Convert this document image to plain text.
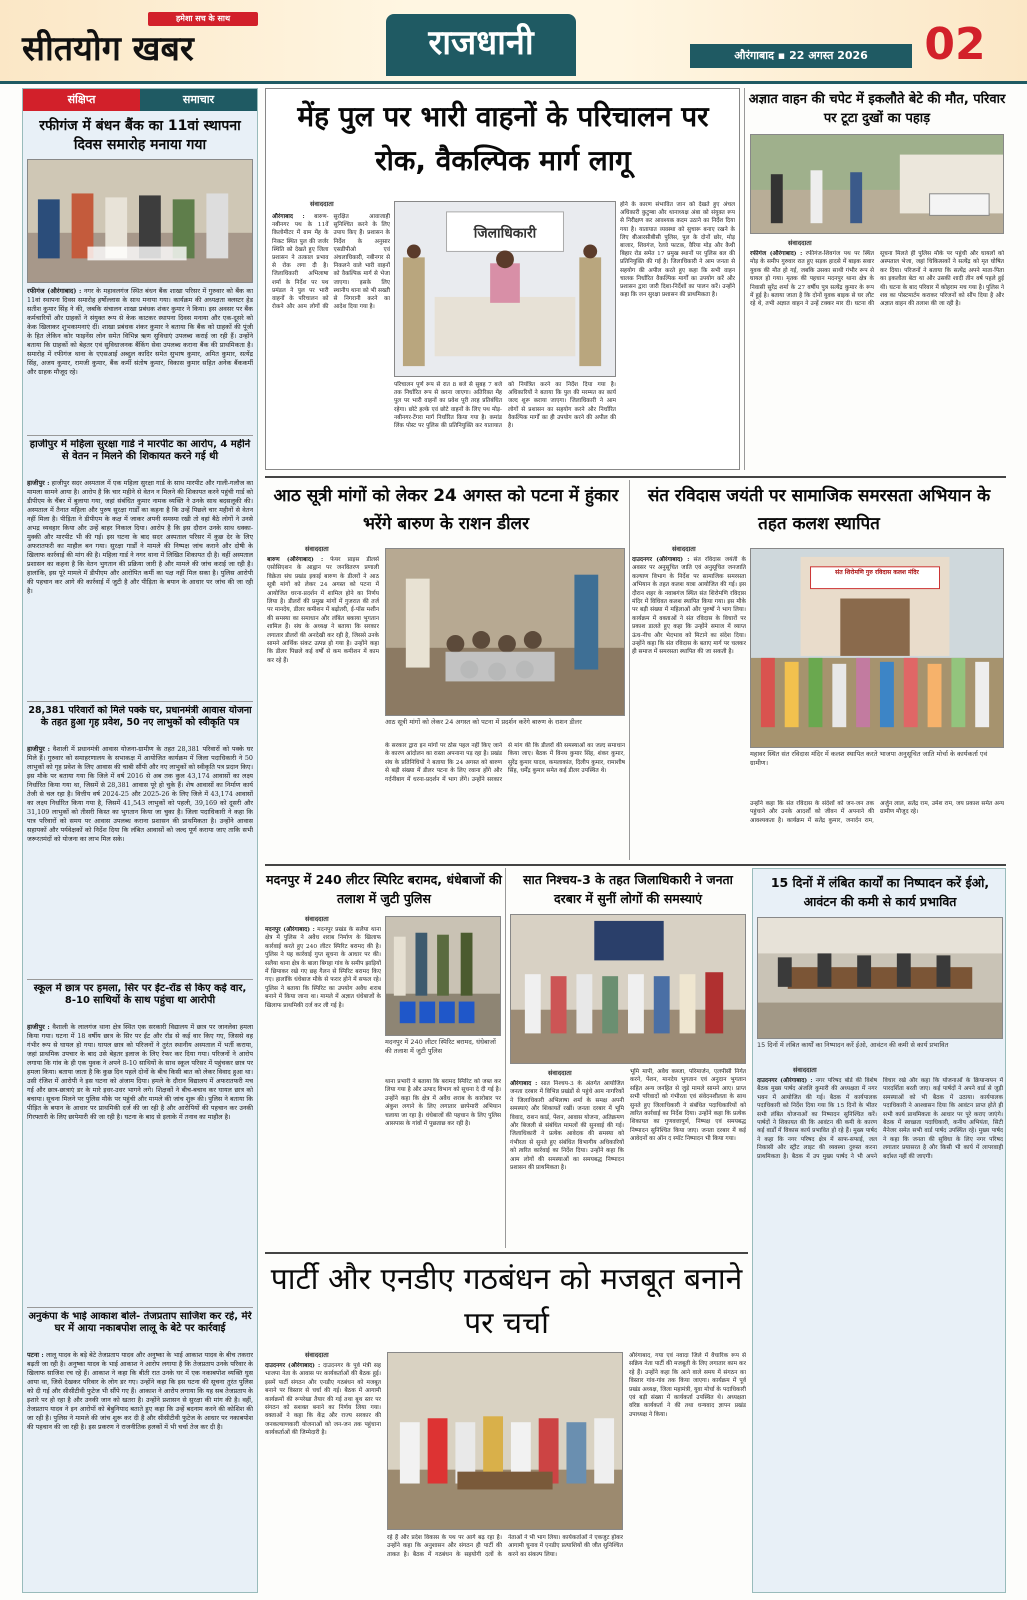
हमेशा सच के साथ
सीतयोग खबर	राजधानी	औरंगाबाद ▪ 22 अगस्त 2026	02
संक्षिप्त	समाचार
रफीगंज में बंधन बैंक का 11वां स्थापना दिवस समारोह मनाया गया
रफीगंज (औरंगाबाद) : नगर के महावलगंज स्थित बंधन बैंक शाखा परिसर में गुरुवार को बैंक का 11वां स्थापना दिवस समारोह हर्षोल्लास के साथ मनाया गया। कार्यक्रम की अध्यक्षता क्लस्टर हेड सतीश कुमार सिंह ने की, जबकि संचालन शाखा प्रबंधक शंकर कुमार ने किया। इस अवसर पर बैंक कर्मचारियों और ग्राहकों ने संयुक्त रूप से केक काटकर स्थापना दिवस मनाया और एक-दूसरे को केक खिलाकर शुभकामनाएं दीं। शाखा प्रबंधक शंकर कुमार ने बताया कि बैंक को ग्राहकों की पूंजी के हित लेकिन कोर फाइनेंस लोन समेत विभिन्न ऋण सुविधाएं उपलब्ध कराई जा रही हैं। उन्होंने बताया कि ग्राहकों को बेहतर एवं सुविधाजनक बैंकिंग सेवा उपलब्ध कराना बैंक की प्राथमिकता है। समारोह में रफीगंज थाना के एएसआई अब्दुल कादिर समेत सुभाष कुमार, अमित कुमार, सत्येंद्र सिंह, अजय कुमार, रामजी कुमार, बैंक कर्मी संतोष कुमार, विकास कुमार सहित अनेक बैंककर्मी और ग्राहक मौजूद रहे।
हाजीपुर में महिला सुरक्षा गार्ड ने मारपीट का आरोप, 4 महीने से वेतन न मिलने की शिकायत करने गई थी
हाजीपुर : हाजीपुर सदर अस्पताल में एक महिला सुरक्षा गार्ड के साथ मारपीट और गाली-गलौज का मामला सामने आया है। आरोप है कि चार महीने से वेतन न मिलने की शिकायत करने पहुंची गार्ड को डीपीएम के चैंबर में बुलाया गया, जहां संबंधित कुमार नामक व्यक्ति ने उनके साथ बदसलूकी की। अस्पताल में तैनात महिला और पुरुष सुरक्षा गार्डों का कहना है कि उन्हें पिछले चार महीनों से वेतन नहीं मिला है। पीड़िता ने डीपीएम के कक्ष में जाकर अपनी समस्या रखी तो वहां बैठे लोगों ने उनसे अभद्र व्यवहार किया और उन्हें बाहर निकाल दिया। आरोप है कि इस दौरान उनके साथ धक्का-मुक्की और मारपीट भी की गई। इस घटना के बाद सदर अस्पताल परिसर में कुछ देर के लिए अफरातफरी का माहौल बन गया। सुरक्षा गार्डों ने मामले की निष्पक्ष जांच कराने और दोषी के खिलाफ कार्रवाई की मांग की है। महिला गार्ड ने नगर थाना में लिखित शिकायत दी है। वहीं अस्पताल प्रशासन का कहना है कि वेतन भुगतान की प्रक्रिया जारी है और मामले की जांच कराई जा रही है। हालांकि, इस पूरे मामले में डीपीएम और आरोपित कर्मी का पक्ष नहीं मिल सका है। पुलिस आरोपी की पहचान कर आगे की कार्रवाई में जुटी है और पीड़िता के बयान के आधार पर जांच की जा रही है।
28,381 परिवारों को मिले पक्के घर, प्रधानमंत्री आवास योजना के तहत हुआ गृह प्रवेश, 50 नए लाभुकों को स्वीकृति पत्र
हाजीपुर : वैशाली में प्रधानमंत्री आवास योजना-ग्रामीण के तहत 28,381 परिवारों को पक्के घर मिले हैं। गुरुवार को समाहरणालय के सभाकक्ष में आयोजित कार्यक्रम में जिला पदाधिकारी ने 50 लाभुकों को गृह प्रवेश के लिए आवास की चाबी सौंपी और नए लाभुकों को स्वीकृति पत्र प्रदान किए। इस मौके पर बताया गया कि जिले में वर्ष 2016 से अब तक कुल 43,174 आवासों का लक्ष्य निर्धारित किया गया था, जिसमें से 28,381 आवास पूरे हो चुके हैं। शेष आवासों का निर्माण कार्य तेजी से चल रहा है। वित्तीय वर्ष 2024-25 और 2025-26 के लिए जिले में 43,174 आवासों का लक्ष्य निर्धारित किया गया है, जिसमें 41,543 लाभुकों को पहली, 39,169 को दूसरी और 31,109 लाभुकों को तीसरी किस्त का भुगतान किया जा चुका है। जिला पदाधिकारी ने कहा कि पात्र परिवारों को समय पर आवास उपलब्ध कराना प्रशासन की प्राथमिकता है। उन्होंने आवास सहायकों और पर्यवेक्षकों को निर्देश दिया कि लंबित आवासों को जल्द पूर्ण कराया जाए ताकि सभी जरूरतमंदों को योजना का लाभ मिल सके।
स्कूल में छात्र पर हमला, सिर पर ईंट-रॉड से किए कई वार, 8-10 साथियों के साथ पहुंचा था आरोपी
हाजीपुर : वैशाली के लालगंज थाना क्षेत्र स्थित एक सरकारी विद्यालय में छात्र पर जानलेवा हमला किया गया। घटना में 18 वर्षीय छात्र के सिर पर ईंट और रॉड से कई वार किए गए, जिससे वह गंभीर रूप से घायल हो गया। घायल छात्र को परिजनों ने तुरंत स्थानीय अस्पताल में भर्ती कराया, जहां प्राथमिक उपचार के बाद उसे बेहतर इलाज के लिए रेफर कर दिया गया। परिजनों ने आरोप लगाया कि गांव के ही एक युवक ने अपने 8-10 साथियों के साथ स्कूल परिसर में पहुंचकर छात्र पर हमला किया। बताया जाता है कि कुछ दिन पहले दोनों के बीच किसी बात को लेकर विवाद हुआ था। उसी रंजिश में आरोपी ने इस घटना को अंजाम दिया। हमले के दौरान विद्यालय में अफरातफरी मच गई और छात्र-छात्राएं डर के मारे इधर-उधर भागने लगे। शिक्षकों ने बीच-बचाव कर घायल छात्र को बचाया। सूचना मिलने पर पुलिस मौके पर पहुंची और मामले की जांच शुरू की। पुलिस ने बताया कि पीड़ित के बयान के आधार पर प्राथमिकी दर्ज की जा रही है और आरोपियों की पहचान कर उनकी गिरफ्तारी के लिए छापेमारी की जा रही है। घटना के बाद से इलाके में तनाव का माहौल है।
अनुकंपा के भाई आकाश बोले- तेजप्रताप साजिश कर रहे, मेरे घर में आया नकाबपोश लालू के बेटे पर कार्रवाई
पटना : लालू यादव के बड़े बेटे तेजप्रताप यादव और अनुष्का के भाई आकाश यादव के बीच तकरार बढ़ती जा रही है। अनुष्का यादव के भाई आकाश ने आरोप लगाया है कि तेजप्रताप उनके परिवार के खिलाफ साजिश रच रहे हैं। आकाश ने कहा कि बीती रात उनके घर में एक नकाबपोश व्यक्ति घुस आया था, जिसे देखकर परिवार के लोग डर गए। उन्होंने कहा कि इस घटना की सूचना तुरंत पुलिस को दी गई और सीसीटीवी फुटेज भी सौंपे गए हैं। आकाश ने आरोप लगाया कि यह सब तेजप्रताप के इशारे पर हो रहा है और उनकी जान को खतरा है। उन्होंने प्रशासन से सुरक्षा की मांग की है। वहीं, तेजप्रताप यादव ने इन आरोपों को बेबुनियाद बताते हुए कहा कि उन्हें बदनाम करने की कोशिश की जा रही है। पुलिस ने मामले की जांच शुरू कर दी है और सीसीटीवी फुटेज के आधार पर नकाबपोश की पहचान की जा रही है। इस प्रकरण ने राजनीतिक हलकों में भी चर्चा तेज कर दी है।
मेंह पुल पर भारी वाहनों के परिचालन पर रोक, वैकल्पिक मार्ग लागू
संवाददाता
औरंगाबाद : बारुण-नबीनगर पथ के 11वें किलोमीटर में ग्राम मेंह के निकट स्थित पुल की जर्जर स्थिति को देखते हुए जिला प्रशासन ने तत्काल प्रभाव से रोक लगा दी है। जिलाधिकारी अभिलाषा शर्मा के निर्देश पर पथ प्रमंडल ने पुल पर भारी वाहनों के परिचालन को रोकने और आम लोगों की सुरक्षित आवाजाही सुनिश्चित करने के लिए उपाय किए हैं। प्रशासन के निर्देश के अनुसार एसडीपीओ एवं अंचलाधिकारी, नबीनगर से निकलने वाले भारी वाहनों को वैकल्पिक मार्ग से भेजा जाएगा। इसके लिए स्थानीय थाना को भी सख्ती से निगरानी करने का आदेश दिया गया है।
जिलाधिकारी
परिचालन पूर्ण रूप से रात 8 बजे से सुबह 7 बजे तक निर्धारित रूप से करना जाएगा। अतिरिक्त मेंह पुल पर भारी वाहनों का प्रवेश पूरी तरह प्रतिबंधित रहेगा। छोटे हल्के एवं छोटे वाहनों के लिए पथ मोड़-नबीनगर-टेंगरा मार्ग निर्धारित किया गया है। कमांड लिंक पोस्ट पर पुलिस की प्रतिनियुक्ति कर यातायात को नियंत्रित करने का निर्देश दिया गया है। अधिकारियों ने बताया कि पुल की मरम्मत का कार्य जल्द शुरू कराया जाएगा। जिलाधिकारी ने आम लोगों से प्रशासन का सहयोग करने और निर्धारित वैकल्पिक मार्गों का ही उपयोग करने की अपील की है।
होने के कारण संभावित जान को देखते हुए अंचल अधिकारी कुटुम्बा और थानाध्यक्ष अंबा को संयुक्त रूप से निरीक्षण कर आवश्यक कदम उठाने का निर्देश दिया गया है। यातायात व्यवस्था को सुचारू बनाए रखने के लिए बीआरसीबीसी पुलिस, पुल के दोनों छोर, मोड़ बाजार, शिवगंज, रेलवे फाटक, वैरिया मोड़ और कैथी बिहार रोड समेत 17 प्रमुख स्थानों पर पुलिस बल की प्रतिनियुक्ति की गई है। जिलाधिकारी ने आम जनता से सहयोग की अपील करते हुए कहा कि सभी वाहन चालक निर्धारित वैकल्पिक मार्गों का उपयोग करें और प्रशासन द्वारा जारी दिशा-निर्देशों का पालन करें। उन्होंने कहा कि जन सुरक्षा प्रशासन की प्राथमिकता है।
अज्ञात वाहन की चपेट में इकलौते बेटे की मौत, परिवार पर टूटा दुखों का पहाड़
संवाददाता
रफीगंज (औरंगाबाद) : रफीगंज-शिवगंज पथ पर स्थित मोड़ के समीप गुरुवार रात हुए सड़क हादसे में बाइक सवार युवक की मौत हो गई, जबकि उसका साथी गंभीर रूप से घायल हो गया। मृतक की पहचान मदनपुर थाना क्षेत्र के निवासी सुरेंद्र शर्मा के 27 वर्षीय पुत्र सत्येंद्र कुमार के रूप में हुई है। बताया जाता है कि दोनों युवक बाइक से घर लौट रहे थे, तभी अज्ञात वाहन ने उन्हें टक्कर मार दी। घटना की सूचना मिलते ही पुलिस मौके पर पहुंची और घायलों को अस्पताल भेजा, जहां चिकित्सकों ने सत्येंद्र को मृत घोषित कर दिया। परिजनों ने बताया कि सत्येंद्र अपने माता-पिता का इकलौता बेटा था और उसकी शादी तीन वर्ष पहले हुई थी। घटना के बाद परिवार में कोहराम मच गया है। पुलिस ने शव का पोस्टमार्टम कराकर परिजनों को सौंप दिया है और अज्ञात वाहन की तलाश की जा रही है।
आठ सूत्री मांगों को लेकर 24 अगस्त को पटना में हुंकार भरेंगे बारुण के राशन डीलर
संवाददाता
बारुण (औरंगाबाद) : फेयर प्राइस डीलर्स एसोसिएशन के आह्वान पर जनवितरण प्रणाली विक्रेता संघ प्रखंड इकाई बारुण के डीलरों ने आठ सूत्री मांगों को लेकर 24 अगस्त को पटना में आयोजित धरना-प्रदर्शन में शामिल होने का निर्णय लिया है। डीलरों की प्रमुख मांगों में गुजरात की तर्ज पर मानदेय, डीलर कमीशन में बढ़ोतरी, ई-पॉस मशीन की समस्या का समाधान और लंबित बकाया भुगतान शामिल हैं। संघ के अध्यक्ष ने बताया कि सरकार लगातार डीलरों की अनदेखी कर रही है, जिससे उनके सामने आर्थिक संकट उत्पन्न हो गया है। उन्होंने कहा कि डीलर पिछले कई वर्षों से कम कमीशन में काम कर रहे हैं।
आठ सूत्री मांगों को लेकर 24 अगस्त को पटना में प्रदर्शन करेंगे बारुण के राशन डीलर
के सरकार द्वारा इन मांगों पर ठोस पहल नहीं किए जाने के कारण आंदोलन का रास्ता अपनाना पड़ रहा है। प्रखंड संघ के प्रतिनिधियों ने बताया कि 24 अगस्त को बारुण से बड़ी संख्या में डीलर पटना के लिए रवाना होंगे और गर्दनीबाग में धरना-प्रदर्शन में भाग लेंगे। उन्होंने सरकार से मांग की कि डीलरों की समस्याओं का जल्द समाधान किया जाए। बैठक में विनय कुमार सिंह, शंकर कुमार, सुरेंद्र कुमार यादव, कमलाकांत, दिलीप कुमार, रामाशीष सिंह, धर्मेंद्र कुमार समेत कई डीलर उपस्थित थे।
संत रविदास जयंती पर सामाजिक समरसता अभियान के तहत कलश स्थापित
संवाददाता
दाउदनगर (औरंगाबाद) : संत रविदास जयंती के अवसर पर अनुसूचित जाति एवं अनुसूचित जनजाति कल्याण विभाग के निर्देश पर सामाजिक समरसता अभियान के तहत कलश यात्रा आयोजित की गई। इस दौरान शहर के नवाबगंज स्थित संत शिरोमणि रविदास मंदिर में विधिवत कलश स्थापित किया गया। इस मौके पर बड़ी संख्या में महिलाओं और पुरुषों ने भाग लिया। कार्यक्रम में वक्ताओं ने संत रविदास के विचारों पर प्रकाश डालते हुए कहा कि उन्होंने समाज में व्याप्त ऊंच-नीच और भेदभाव को मिटाने का संदेश दिया। उन्होंने कहा कि संत रविदास के बताए मार्ग पर चलकर ही समाज में समरसता स्थापित की जा सकती है।
संत शिरोमणि गुरु रविदास कलश मंदिर
महावर स्थित संत रविदास मंदिर में कलश स्थापित करते भाजपा अनुसूचित जाति मोर्चा के कार्यकर्ता एवं ग्रामीण।
उन्होंने कहा कि संत रविदास के संदेशों को जन-जन तक पहुंचाने और उनके आदर्शों को जीवन में अपनाने की आवश्यकता है। कार्यक्रम में सतेंद्र कुमार, जनार्दन राम, अर्जुन लाल, सतेंद्र राम, उमेश राम, जय प्रकाश समेत अन्य ग्रामीण मौजूद रहे।
मदनपुर में 240 लीटर स्पिरिट बरामद, धंधेबाजों की तलाश में जुटी पुलिस
संवाददाता
मदनपुर (औरंगाबाद) : मदनपुर प्रखंड के सलैया थाना क्षेत्र में पुलिस ने अवैध शराब निर्माण के खिलाफ कार्रवाई करते हुए 240 लीटर स्पिरिट बरामद की है। पुलिस ने यह कार्रवाई गुप्त सूचना के आधार पर की। सलैया थाना क्षेत्र के बाला बिगहा गांव के समीप झाड़ियों में छिपाकर रखे गए छह गैलन से स्पिरिट बरामद किए गए। हालांकि धंधेबाज मौके से फरार होने में सफल रहे। पुलिस ने बताया कि स्पिरिट का उपयोग अवैध शराब बनाने में किया जाना था। मामले में अज्ञात धंधेबाजों के खिलाफ प्राथमिकी दर्ज कर ली गई है।
मदनपुर में 240 लीटर स्पिरिट बरामद, धंधेबाजों की तलाश में जुटी पुलिस
थाना प्रभारी ने बताया कि बरामद स्पिरिट को जब्त कर लिया गया है और उत्पाद विभाग को सूचना दे दी गई है। उन्होंने कहा कि क्षेत्र में अवैध शराब के कारोबार पर अंकुश लगाने के लिए लगातार छापेमारी अभियान चलाया जा रहा है। धंधेबाजों की पहचान के लिए पुलिस आसपास के गांवों में पूछताछ कर रही है।
सात निश्चय-3 के तहत जिलाधिकारी ने जनता दरबार में सुनीं लोगों की समस्याएं
संवाददाता
औरंगाबाद : सात निश्चय-3 के अंतर्गत आयोजित जनता दरबार में विभिन्न प्रखंडों से पहुंचे आम नागरिकों ने जिलाधिकारी अभिलाषा शर्मा के समक्ष अपनी समस्याएं और शिकायतें रखीं। जनता दरबार में भूमि विवाद, राशन कार्ड, पेंशन, आवास योजना, अतिक्रमण और बिजली से संबंधित मामलों की सुनवाई की गई। जिलाधिकारी ने प्रत्येक आवेदक की समस्या को गंभीरता से सुनते हुए संबंधित विभागीय अधिकारियों को त्वरित कार्रवाई का निर्देश दिया। उन्होंने कहा कि आम लोगों की समस्याओं का समयबद्ध निष्पादन प्रशासन की प्राथमिकता है।
भूमि मापी, अवैध कब्जा, परिमार्जन, एलपीसी निर्गत करने, पेंशन, मानदेय भुगतान एवं अनुदान भुगतान सहित अन्य जनहित से जुड़े मामले सामने आए। प्राप्त सभी परिवादों को गंभीरता एवं संवेदनशीलता के साथ सुनते हुए जिलाधिकारी ने संबंधित पदाधिकारियों को त्वरित कार्रवाई का निर्देश दिया। उन्होंने कहा कि प्रत्येक शिकायत का गुणवत्तापूर्ण, निष्पक्ष एवं समयबद्ध निष्पादन सुनिश्चित किया जाए। जनता दरबार में कई आवेदनों का ऑन द स्पॉट निष्पादन भी किया गया।
15 दिनों में लंबित कार्यों का निष्पादन करें ईओ, आवंटन की कमी से कार्य प्रभावित
15 दिनों में लंबित कार्यों का निष्पादन करें ईओ, आवंटन की कमी से कार्य प्रभावित
संवाददाता
दाउदनगर (औरंगाबाद) : नगर परिषद बोर्ड की विशेष बैठक मुख्य पार्षद अंजलि कुमारी की अध्यक्षता में नगर भवन में आयोजित की गई। बैठक में कार्यपालक पदाधिकारी को निर्देश दिया गया कि 15 दिनों के भीतर सभी लंबित योजनाओं का निष्पादन सुनिश्चित करें। पार्षदों ने शिकायत की कि आवंटन की कमी के कारण कई वार्डों में विकास कार्य प्रभावित हो रहे हैं। मुख्य पार्षद ने कहा कि नगर परिषद क्षेत्र में साफ-सफाई, जल निकासी और स्ट्रीट लाइट की व्यवस्था दुरुस्त करना प्राथमिकता है। बैठक में उप मुख्य पार्षद ने भी अपने विचार रखे और कहा कि योजनाओं के क्रियान्वयन में पारदर्शिता बरती जाए। कई पार्षदों ने अपने वार्ड से जुड़ी समस्याओं को भी बैठक में उठाया। कार्यपालक पदाधिकारी ने आश्वासन दिया कि आवंटन प्राप्त होते ही सभी कार्य प्राथमिकता के आधार पर पूरे कराए जाएंगे। बैठक में स्वच्छता पदाधिकारी, कनीय अभियंता, सिटी मैनेजर समेत सभी वार्ड पार्षद उपस्थित रहे। मुख्य पार्षद ने कहा कि जनता की सुविधा के लिए नगर परिषद लगातार प्रयासरत है और किसी भी कार्य में लापरवाही बर्दाश्त नहीं की जाएगी।
पार्टी और एनडीए गठबंधन को मजबूत बनाने पर चर्चा
संवाददाता
दाउदनगर (औरंगाबाद) : दाउदनगर के पूर्व मंत्री सह भाजपा नेता के आवास पर कार्यकर्ताओं की बैठक हुई। इसमें पार्टी संगठन और एनडीए गठबंधन को मजबूत बनाने पर विस्तार से चर्चा की गई। बैठक में आगामी कार्यक्रमों की रूपरेखा तैयार की गई तथा बूथ स्तर पर संगठन को सशक्त बनाने का निर्णय लिया गया। वक्ताओं ने कहा कि केंद्र और राज्य सरकार की जनकल्याणकारी योजनाओं को जन-जन तक पहुंचाना कार्यकर्ताओं की जिम्मेदारी है।
रहे हैं और प्रदेश विकास के पथ पर आगे बढ़ रहा है। उन्होंने कहा कि अनुशासन और संगठन ही पार्टी की ताकत है। बैठक में गठबंधन के सहयोगी दलों के नेताओं ने भी भाग लिया। कार्यकर्ताओं ने एकजुट होकर आगामी चुनाव में एनडीए प्रत्याशियों की जीत सुनिश्चित करने का संकल्प लिया।
औरंगाबाद, गया एवं नवादा जिले में वैचारिक रूप से सक्रिय नेता पार्टी की मजबूती के लिए लगातार काम कर रहे हैं। उन्होंने कहा कि आने वाले समय में संगठन का विस्तार गांव-गांव तक किया जाएगा। कार्यक्रम में पूर्व प्रखंड अध्यक्ष, जिला महामंत्री, युवा मोर्चा के पदाधिकारी एवं बड़ी संख्या में कार्यकर्ता उपस्थित थे। अध्यक्षता वरिष्ठ कार्यकर्ता ने की तथा धन्यवाद ज्ञापन प्रखंड उपाध्यक्ष ने किया।
